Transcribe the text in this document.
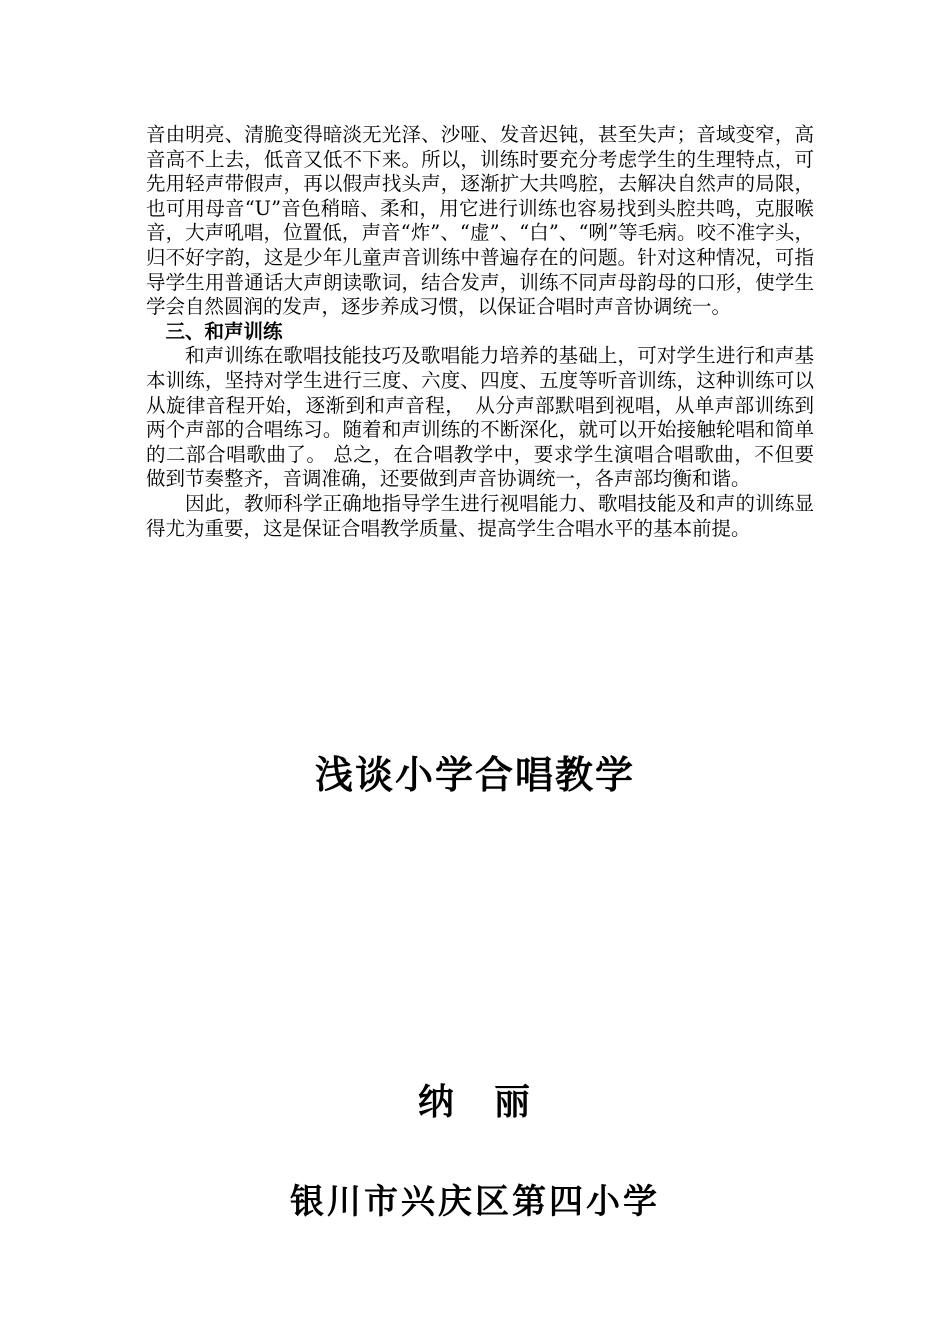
音由明亮、清脆变得暗淡无光泽、沙哑、发音迟钝，甚至失声；音域变窄，高音高不上去，低音又低不下来。所以，训练时要充分考虑学生的生理特点，可先用轻声带假声，再以假声找头声，逐渐扩大共鸣腔，去解决自然声的局限，也可用母音“U”音色稍暗、柔和，用它进行训练也容易找到头腔共鸣，克服喉音，大声吼唱，位置低，声音“炸”、“虚”、“白”、“咧”等毛病。咬不准字头，归不好字韵，这是少年儿童声音训练中普遍存在的问题。针对这种情况，可指导学生用普通话大声朗读歌词，结合发声，训练不同声母韵母的口形，使学生学会自然圆润的发声，逐步养成习惯，以保证合唱时声音协调统一。

三、和声训练

和声训练在歌唱技能技巧及歌唱能力培养的基础上，可对学生进行和声基本训练，坚持对学生进行三度、六度、四度、五度等听音训练，这种训练可以从旋律音程开始，逐渐到和声音程，　从分声部默唱到视唱，从单声部训练到两个声部的合唱练习。随着和声训练的不断深化，就可以开始接触轮唱和简单的二部合唱歌曲了。 总之，在合唱教学中，要求学生演唱合唱歌曲，不但要做到节奏整齐，音调准确，还要做到声音协调统一，各声部均衡和谐。

因此，教师科学正确地指导学生进行视唱能力、歌唱技能及和声的训练显得尤为重要，这是保证合唱教学质量、提高学生合唱水平的基本前提。

浅谈小学合唱教学
纳　丽
银川市兴庆区第四小学
